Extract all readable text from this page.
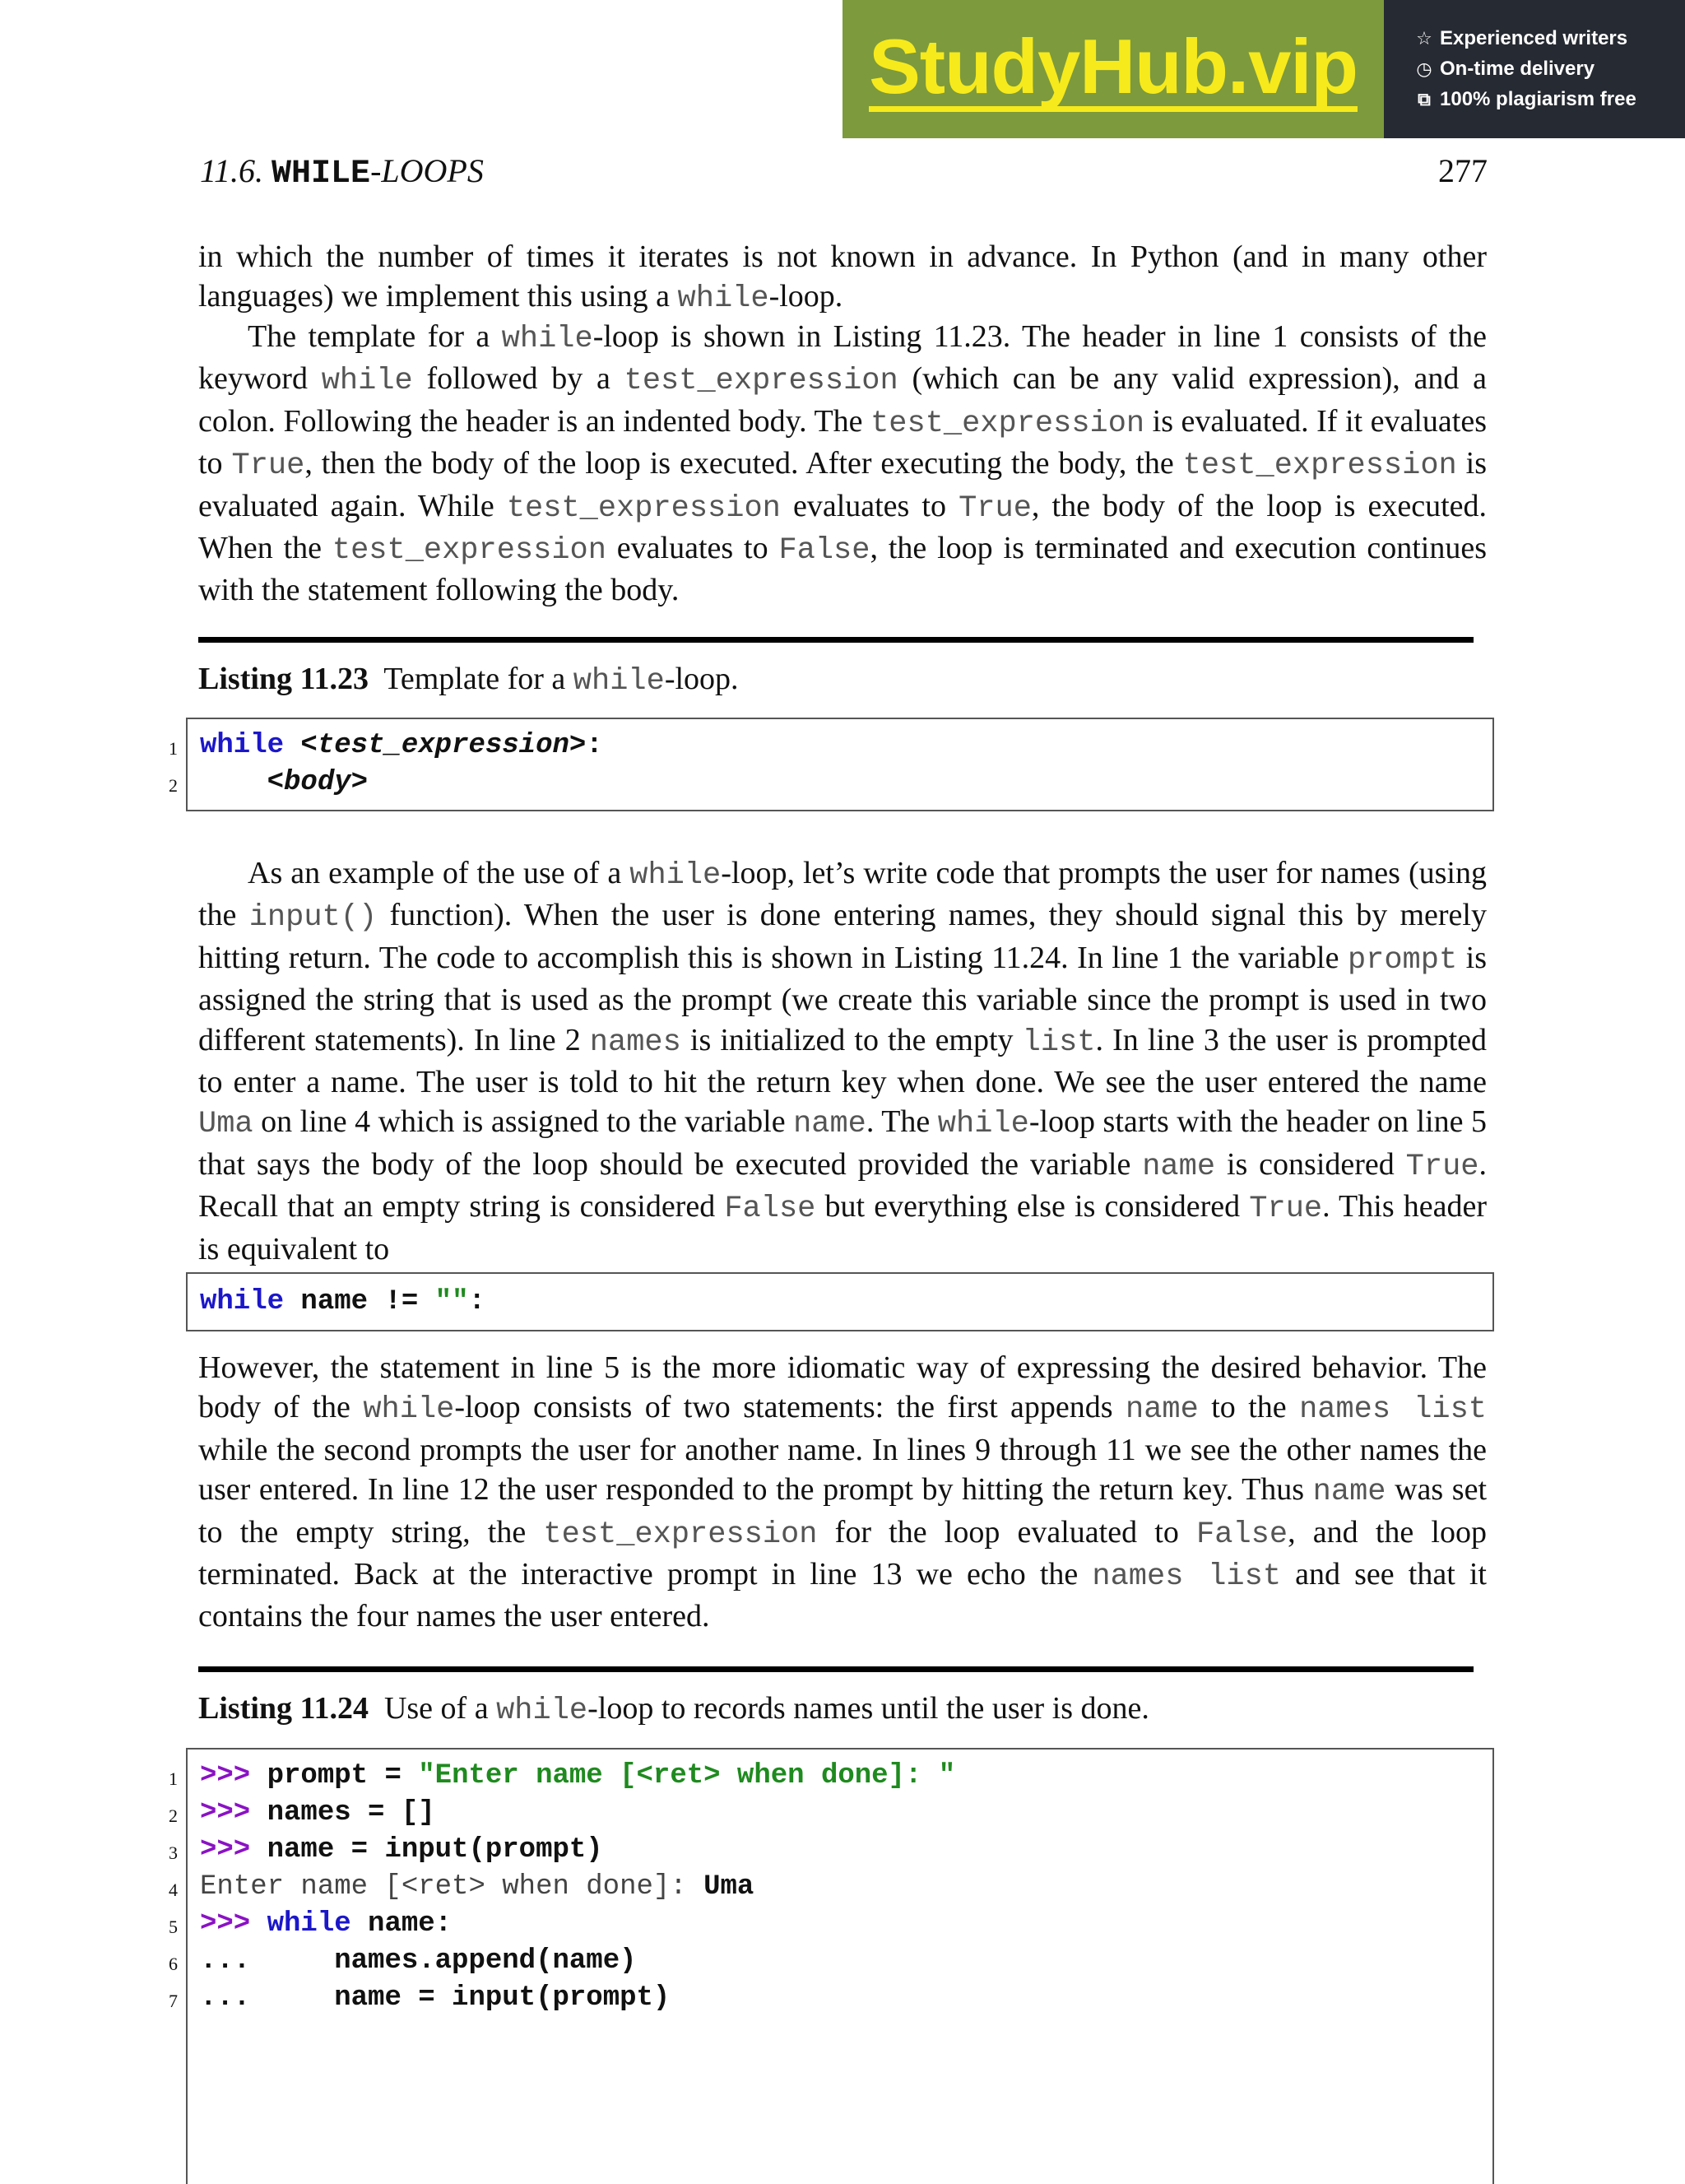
StudyHub.vip	☆ Experienced writers
◷ On-time delivery
⧉ 100% plagiarism free
11.6. WHILE-LOOPS	277

in which the number of times it iterates is not known in advance. In Python (and in many other languages) we implement this using a while-loop.

The template for a while-loop is shown in Listing 11.23. The header in line 1 consists of the keyword while followed by a test_expression (which can be any valid expression), and a colon. Following the header is an indented body. The test_expression is evaluated. If it evaluates to True, then the body of the loop is executed. After executing the body, the test_expression is evaluated again. While test_expression evaluates to True, the body of the loop is executed. When the test_expression evaluates to False, the loop is terminated and execution continues with the statement following the body.

Listing 11.23 Template for a while-loop.
1 while <test_expression>:
2	<body>

As an example of the use of a while-loop, let’s write code that prompts the user for names (using the input() function). When the user is done entering names, they should signal this by merely hitting return. The code to accomplish this is shown in Listing 11.24. In line 1 the variable prompt is assigned the string that is used as the prompt (we create this variable since the prompt is used in two different statements). In line 2 names is initialized to the empty list. In line 3 the user is prompted to enter a name. The user is told to hit the return key when done. We see the user entered the name Uma on line 4 which is assigned to the variable name. The while-loop starts with the header on line 5 that says the body of the loop should be executed provided the variable name is considered True. Recall that an empty string is considered False but everything else is considered True. This header is equivalent to

while name != "":

However, the statement in line 5 is the more idiomatic way of expressing the desired behavior. The body of the while-loop consists of two statements: the first appends name to the names list while the second prompts the user for another name. In lines 9 through 11 we see the other names the user entered. In line 12 the user responded to the prompt by hitting the return key. Thus name was set to the empty string, the test_expression for the loop evaluated to False, and the loop terminated. Back at the interactive prompt in line 13 we echo the names list and see that it contains the four names the user entered.

Listing 11.24 Use of a while-loop to records names until the user is done.
1 >>> prompt = "Enter name [<ret> when done]: "
2 >>> names = []
3 >>> name = input(prompt)
4 Enter name [<ret> when done]: Uma
5 >>> while name:
6 ...     names.append(name)
7 ...     name = input(prompt)
